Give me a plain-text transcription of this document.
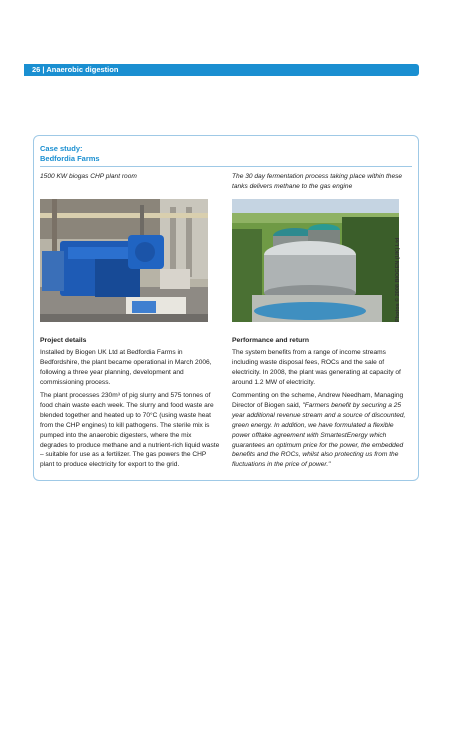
26 | Anaerobic digestion
Case study:
Bedfordia Farms
1500 KW biogas CHP plant room	The 30 day fermentation process taking place within these tanks delivers methane to the gas engine
Photos © 2008 BIOGEN (UK) Ltd
Project details

Installed by Biogen UK Ltd at Bedfordia Farms in Bedfordshire, the plant became operational in March 2006, following a three year planning, development and commissioning process.

The plant processes 230m³ of pig slurry and 575 tonnes of food chain waste each week. The slurry and food waste are blended together and heated up to 70°C (using waste heat from the CHP engines) to kill pathogens. The sterile mix is pumped into the anaerobic digesters, where the mix degrades to produce methane and a nutrient-rich liquid waste – suitable for use as a fertilizer. The gas powers the CHP plant to produce electricity for export to the grid.

Performance and return

The system benefits from a range of income streams including waste disposal fees, ROCs and the sale of electricity. In 2008, the plant was generating at capacity of around 1.2 MW of electricity.

Commenting on the scheme, Andrew Needham, Managing Director of Biogen said, "Farmers benefit by securing a 25 year additional revenue stream and a source of discounted, green energy. In addition, we have formulated a flexible power offtake agreement with SmartestEnergy which guarantees an optimum price for the power, the embedded benefits and the ROCs, whilst also protecting us from the fluctuations in the price of power."
